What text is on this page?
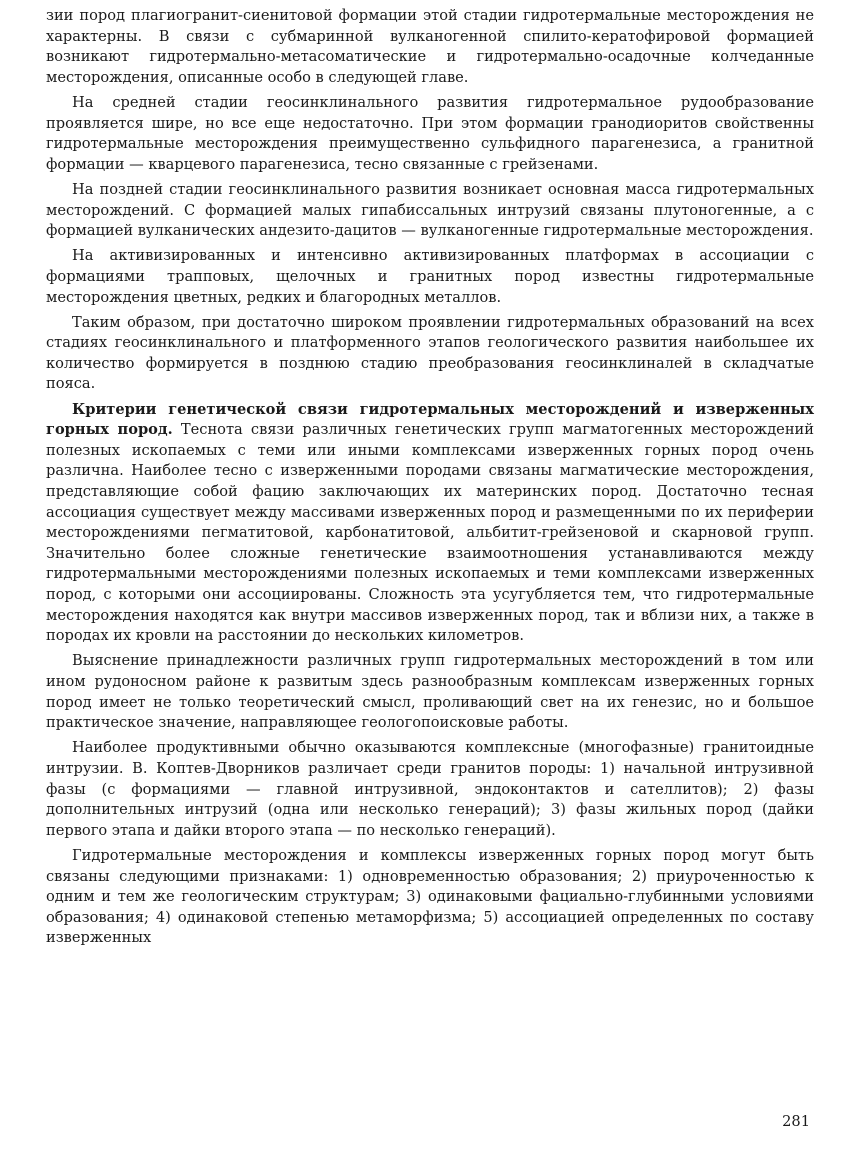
зии пород плагиогранит-сиенитовой формации этой стадии гидротермальные месторождения не характерны. В связи с субмаринной вулканогенной спилито-кератофировой формацией возникают гидротермально-метасоматические и гидротермально-осадочные колчеданные месторождения, описанные особо в следующей главе.

На средней стадии геосинклинального развития гидротермальное рудообразование проявляется шире, но все еще недостаточно. При этом формации гранодиоритов свойственны гидротермальные месторождения преимущественно сульфидного парагенезиса, а гранитной формации — кварцевого парагенезиса, тесно связанные с грейзенами.

На поздней стадии геосинклинального развития возникает основная масса гидротермальных месторождений. С формацией малых гипабиссальных интрузий связаны плутоногенные, а с формацией вулканических андезито-дацитов — вулканогенные гидротермальные месторождения.

На активизированных и интенсивно активизированных платформах в ассоциации с формациями трапповых, щелочных и гранитных пород известны гидротермальные месторождения цветных, редких и благородных металлов.

Таким образом, при достаточно широком проявлении гидротермальных образований на всех стадиях геосинклинального и платформенного этапов геологического развития наибольшее их количество формируется в позднюю стадию преобразования геосинклиналей в складчатые пояса.

Критерии генетической связи гидротермальных месторождений и изверженных горных пород. Теснота связи различных генетических групп магматогенных месторождений полезных ископаемых с теми или иными комплексами изверженных горных пород очень различна. Наиболее тесно с изверженными породами связаны магматические месторождения, представляющие собой фацию заключающих их материнских пород. Достаточно тесная ассоциация существует между массивами изверженных пород и размещенными по их периферии месторождениями пегматитовой, карбонатитовой, альбитит-грейзеновой и скарновой групп. Значительно более сложные генетические взаимоотношения устанавливаются между гидротермальными месторождениями полезных ископаемых и теми комплексами изверженных пород, с которыми они ассоциированы. Сложность эта усугубляется тем, что гидротермальные месторождения находятся как внутри массивов изверженных пород, так и вблизи них, а также в породах их кровли на расстоянии до нескольких километров.

Выяснение принадлежности различных групп гидротермальных месторождений в том или ином рудоносном районе к развитым здесь разнообразным комплексам изверженных горных пород имеет не только теоретический смысл, проливающий свет на их генезис, но и большое практическое значение, направляющее геологопоисковые работы.

Наиболее продуктивными обычно оказываются комплексные (многофазные) гранитоидные интрузии. В. Коптев-Дворников различает среди гранитов породы: 1) начальной интрузивной фазы (с формациями — главной интрузивной, эндоконтактов и сателлитов); 2) фазы дополнительных интрузий (одна или несколько генераций); 3) фазы жильных пород (дайки первого этапа и дайки второго этапа — по несколько генераций).

Гидротермальные месторождения и комплексы изверженных горных пород могут быть связаны следующими признаками: 1) одновременностью образования; 2) приуроченностью к одним и тем же геологическим структурам; 3) одинаковыми фациально-глубинными условиями образования; 4) одинаковой степенью метаморфизма; 5) ассоциацией определенных по составу изверженных

281
